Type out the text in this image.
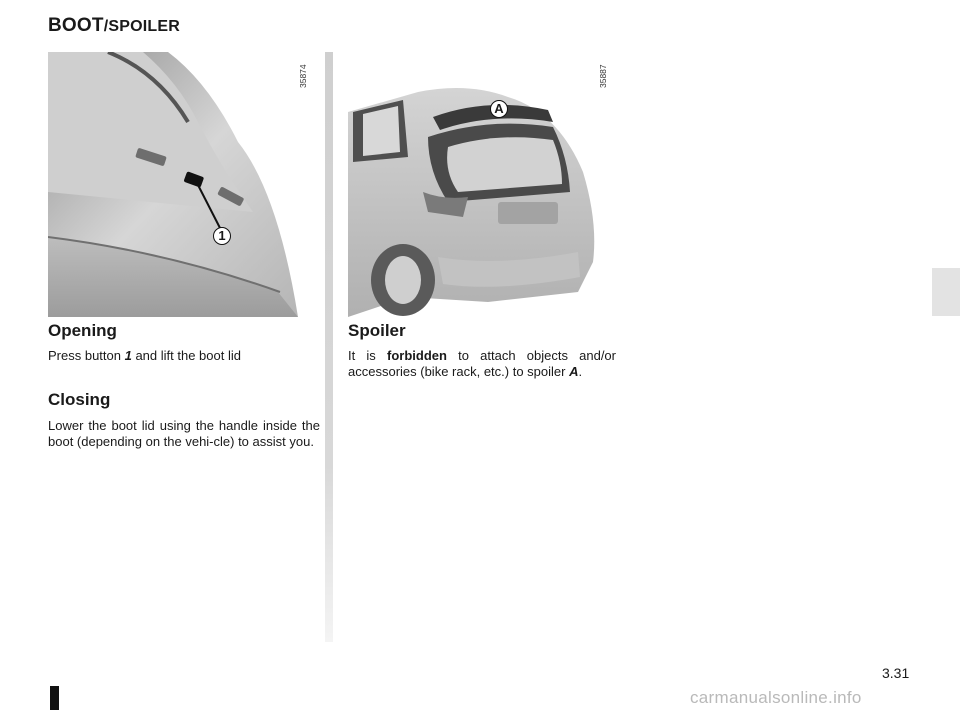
BOOT/SPOILER
35874
1
35887
A
Opening

Press button 1 and lift the boot lid

Closing

Lower the boot lid using the handle inside the boot (depending on the vehi-cle) to assist you.

Spoiler

It is forbidden to attach objects and/or accessories (bike rack, etc.) to spoiler A.

3.31
carmanualsonline.info
